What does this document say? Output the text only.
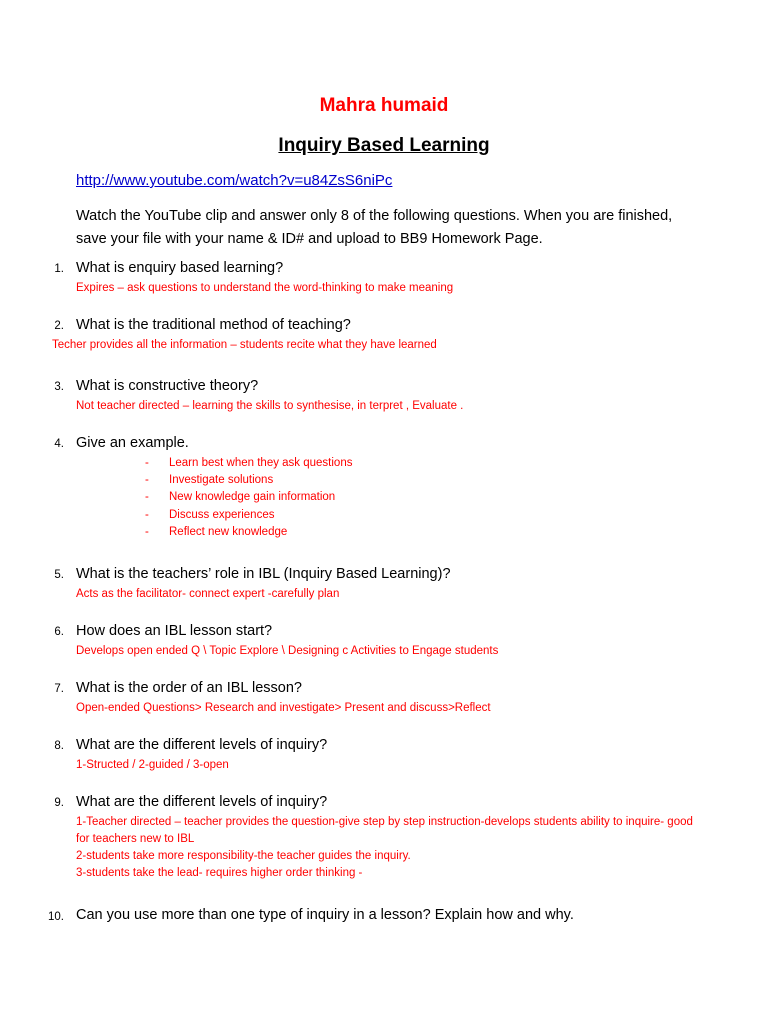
Mahra humaid
Inquiry Based Learning
http://www.youtube.com/watch?v=u84ZsS6niPc
Watch the YouTube clip and answer only 8 of the following questions. When you are finished, save your file with your name & ID# and upload to BB9 Homework Page.
1. What is enquiry based learning?
Expires – ask questions to understand the word-thinking to make meaning
2. What is the traditional method of teaching?
Techer provides all the information – students recite what they have learned
3. What is constructive theory?
Not teacher directed – learning the skills to synthesise, in terpret , Evaluate .
4. Give an example.
- Learn best when they ask questions
- Investigate solutions
- New knowledge gain information
- Discuss experiences
- Reflect new knowledge
5. What is the teachers’ role in IBL (Inquiry Based Learning)?
Acts as the facilitator- connect expert -carefully plan
6. How does an IBL lesson start?
Develops open ended Q \ Topic Explore \ Designing c Activities to Engage students
7. What is the order of an IBL lesson?
Open-ended Questions> Research and investigate> Present and discuss>Reflect
8. What are the different levels of inquiry?
1-Structed / 2-guided / 3-open
9. What are the different levels of inquiry?
1-Teacher directed – teacher provides the question-give step by step instruction-develops students ability to inquire- good for teachers new to IBL
2-students take more responsibility-the teacher guides the inquiry.
3-students take the lead- requires higher order thinking -
10. Can you use more than one type of inquiry in a lesson? Explain how and why.
